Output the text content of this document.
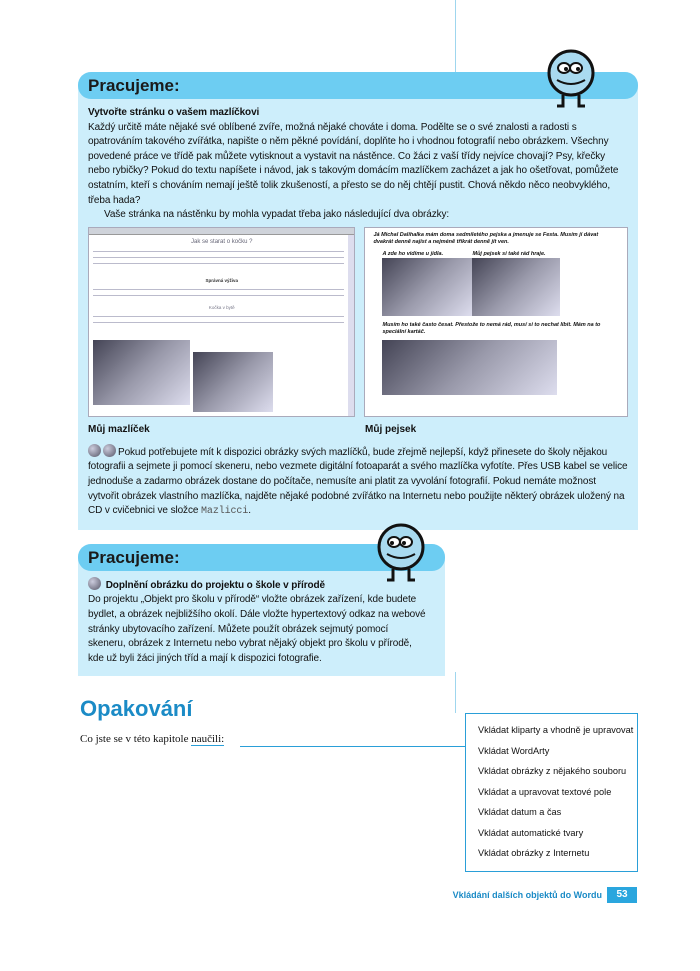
Pracujeme:
Vytvořte stránku o vašem mazlíčkovi
Každý určitě máte nějaké své oblíbené zvíře, možná nějaké chováte i doma. Podělte se o své znalosti a radosti s opatrováním takového zvířátka, napište o něm pěkné povídání, doplňte ho i vhodnou fotografií nebo obrázkem. Všechny povedené práce ve třídě pak můžete vytisknout a vystavit na nástěnce. Co žáci z vaší třídy nejvíce chovají? Psy, křečky nebo rybičky? Pokud do textu napíšete i návod, jak s takovým domácím mazlíčkem zacházet a jak ho ošetřovat, pomůžete ostatním, kteří s chováním nemají ještě tolik zkušeností, a přesto se do něj chtějí pustit. Chová někdo něco neobvyklého, třeba hada?
Vaše stránka na nástěnku by mohla vypadat třeba jako následující dva obrázky:
Jak se starat o kočku ?
Správná výživa
Kočka v bytě
Já Michal Dalihalka mám doma sedmiletého pejska a jmenuje se Festa. Musím jí dávat dvakrát denně najíst a nejméně třikrát denně jít ven.
A zde ho vidíme u jídla.	Můj pejsek si také rád hraje.
Musím ho také často česat. Přestože to nemá rád, musí si to nechat líbit. Mám na to speciální kartáč.
Můj mazlíček	Můj pejsek
Pokud potřebujete mít k dispozici obrázky svých mazlíčků, bude zřejmě nejlepší, když přinesete do školy nějakou fotografii a sejmete ji pomocí skeneru, nebo vezmete digitální fotoaparát a svého mazlíčka vyfotíte. Přes USB kabel se velice jednoduše a zadarmo obrázek dostane do počítače, nemusíte ani platit za vyvolání fotografií. Pokud nemáte možnost vytvořit obrázek vlastního mazlíčka, najděte nějaké podobné zvířátko na Internetu nebo použijte některý obrázek uložený na CD v cvičebnici ve složce Mazlicci.
Pracujeme:
Doplnění obrázku do projektu o škole v přírodě
Do projektu „Objekt pro školu v přírodě“ vložte obrázek zařízení, kde budete bydlet, a obrázek nejbližšího okolí. Dále vložte hypertextový odkaz na webové stránky ubytovacího zařízení. Můžete použít obrázek sejmutý pomocí skeneru, obrázek z Internetu nebo vybrat nějaký objekt pro školu v přírodě, kde už byli žáci jiných tříd a mají k dispozici fotografie.
Opakování
Co jste se v této kapitole naučili:
Vkládat kliparty a vhodně je upravovat
Vkládat WordArty
Vkládat obrázky z nějakého souboru
Vkládat a upravovat textové pole
Vkládat datum a čas
Vkládat automatické tvary
Vkládat obrázky z Internetu
Vkládání dalších objektů do Wordu	53
